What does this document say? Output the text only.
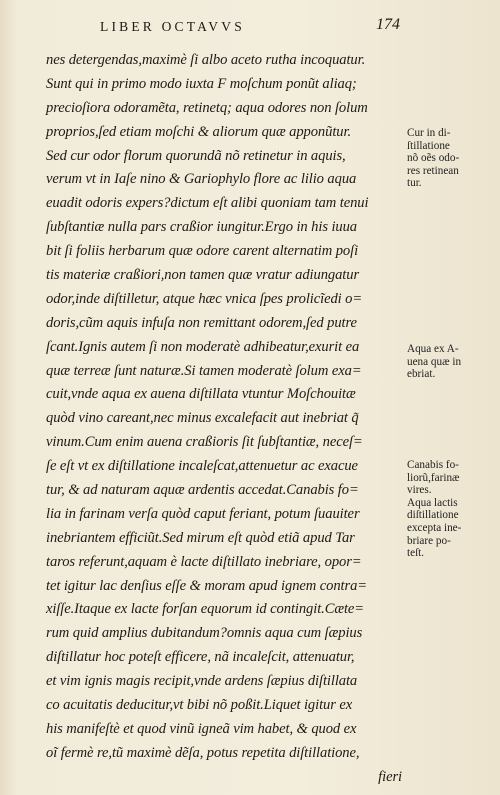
LIBER OCTAVVS	174
nes detergendas,maximè ſi albo aceto rutha incoquatur.
Sunt qui in primo modo iuxta F moſchum ponũt aliaq;
precioſiora odoramẽta, retinetq; aqua odores non ſolum
proprios,ſed etiam moſchi & aliorum quæ apponũtur.
Sed cur odor florum quorundã nõ retinetur in aquis,
verum vt in Iaſe nino & Gariophylo flore ac lilio aqua
euadit odoris expers?dictum eſt alibi quoniam tam tenui
ſubſtantiæ nulla pars craßior iungitur.Ergo in his iuua
bit ſi foliis herbarum quæ odore carent alternatim poſi
tis materiæ craßiori,non tamen quæ vratur adiungatur
odor,inde diſtilletur, atque hæc vnica ſpes prolicĩedi o=
doris,cũm aquis infuſa non remittant odorem,ſed putre
ſcant.Ignis autem ſi non moderatè adhibeatur,exurit ea
quæ terreæ ſunt naturæ.Si tamen moderatè ſolum exa=
cuit,vnde aqua ex auena diſtillata vtuntur Moſchouitæ
quòd vino careant,nec minus excalefacit aut inebriat q̃
vinum.Cum enim auena craßioris ſit ſubſtantiæ, neceſ=
ſe eſt vt ex diſtillatione incaleſcat,attenuetur ac exacue
tur, & ad naturam aquæ ardentis accedat.Canabis fo=
lia in farinam verſa quòd caput feriant, potum ſuauiter
inebriantem efficiũt.Sed mirum eſt quòd etiã apud Tar
taros referunt,aquam è lacte diſtillato inebriare, opor=
tet igitur lac denſius eſſe & moram apud ignem contra=
xiſſe.Itaque ex lacte forſan equorum id contingit.Cæte=
rum quid amplius dubitandum?omnis aqua cum ſæpius
diſtillatur hoc poteſt efficere, nã incaleſcit, attenuatur,
et vim ignis magis recipit,vnde ardens ſæpius diſtillata
co acuitatis deducitur,vt bibi nõ poßit.Liquet igitur ex
his manifeſtè et quod vinũ igneã vim habet, & quod ex
oĩ fermè re,tũ maximè dẽſa, potus repetita diſtillatione,
fieri
Cur in di-
ſtillatione
nõ oẽs odo-
res retinean
tur.
Aqua ex A-
uena quæ in
ebriat.
Canabis fo-
liorũ,farinæ
vires.
Aqua lactis
diſtillatione
excepta ine-
briare po-
teſt.
